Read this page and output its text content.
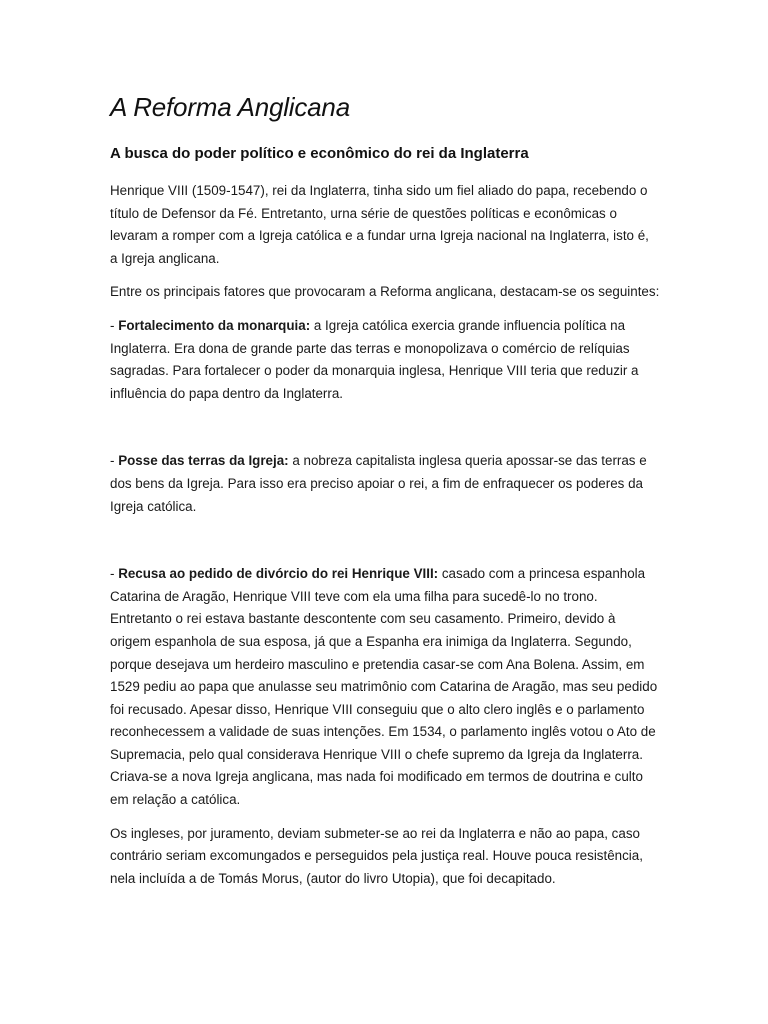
A Reforma Anglicana
A busca do poder político e econômico do rei da Inglaterra

Henrique VIII (1509-1547), rei da Inglaterra, tinha sido um fiel aliado do papa, recebendo o título de Defensor da Fé. Entretanto, urna série de questões políticas e econômicas o levaram a romper com a Igreja católica e a fundar urna Igreja nacional na Inglaterra, isto é, a Igreja anglicana.

Entre os principais fatores que provocaram a Reforma anglicana, destacam-se os seguintes:

- Fortalecimento da monarquia: a Igreja católica exercia grande influencia política na Inglaterra. Era dona de grande parte das terras e monopolizava o comércio de relíquias sagradas. Para fortalecer o poder da monarquia inglesa, Henrique VIII teria que reduzir a influência do papa dentro da Inglaterra.

- Posse das terras da Igreja: a nobreza capitalista inglesa queria apossar-se das terras e dos bens da Igreja. Para isso era preciso apoiar o rei, a fim de enfraquecer os poderes da Igreja católica.

- Recusa ao pedido de divórcio do rei Henrique VIII: casado com a princesa espanhola Catarina de Aragão, Henrique VIII teve com ela uma filha para sucedê-lo no trono. Entretanto o rei estava bastante descontente com seu casamento. Primeiro, devido à origem espanhola de sua esposa, já que a Espanha era inimiga da Inglaterra. Segundo, porque desejava um herdeiro masculino e pretendia casar-se com Ana Bolena. Assim, em 1529 pediu ao papa que anulasse seu matrimônio com Catarina de Aragão, mas seu pedido foi recusado. Apesar disso, Henrique VIII conseguiu que o alto clero inglês e o parlamento reconhecessem a validade de suas intenções. Em 1534, o parlamento inglês votou o Ato de Supremacia, pelo qual considerava Henrique VIII o chefe supremo da Igreja da Inglaterra. Criava-se a nova Igreja anglicana, mas nada foi modificado em termos de doutrina e culto em relação a católica.

Os ingleses, por juramento, deviam submeter-se ao rei da Inglaterra e não ao papa, caso contrário seriam excomungados e perseguidos pela justiça real. Houve pouca resistência, nela incluída a de Tomás Morus, (autor do livro Utopia), que foi decapitado.
